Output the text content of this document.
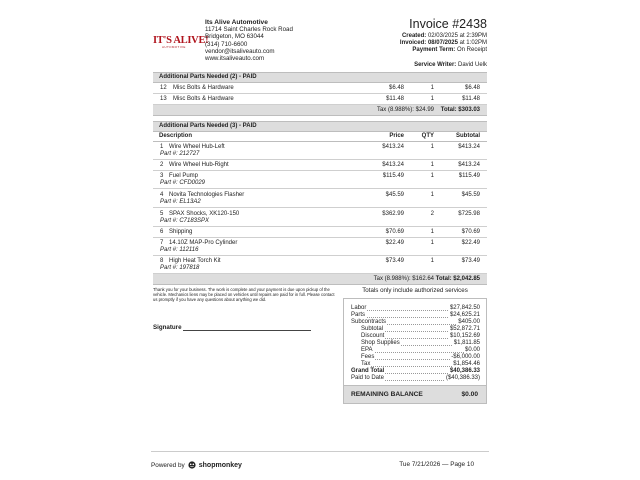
IT'S ALIVE!
AUTOMOTIVE
Its Alive Automotive
11714 Saint Charles Rock Road
Bridgeton, MO 63044
(314) 710-6600
vendor@itsaliveauto.com
www.itsaliveauto.com
Invoice #2438
Created: 02/03/2025 at 2:39PM
Invoiced: 08/07/2025 at 1:02PM
Payment Term: On Receipt
Service Writer: David Uelk
Additional Parts Needed (2) - PAID
12 Misc Bolts & Hardware	$6.48	1	$6.48
13 Misc Bolts & Hardware	$11.48	1	$11.48
Tax (8.988%): $24.99 Total: $303.03
Additional Parts Needed (3) - PAID
Description	Price	QTY	Subtotal
1 Wire Wheel Hub-Left
Part #: 212727
$413.24	1	$413.24
2 Wire Wheel Hub-Right	$413.24	1	$413.24
3 Fuel Pump
Part #: CFD0029
$115.49	1	$115.49
4 Novita Technologies Flasher
Part #: EL13A2
$45.59	1	$45.59
5 SPAX Shocks, XK120-150
Part #: C7183SPX
$362.99	2	$725.98
6 Shipping	$70.69	1	$70.69
7 14.10Z MAP-Pro Cylinder
Part #: 112116
$22.49	1	$22.49
8 High Heat Torch Kit
Part #: 197818
$73.49	1	$73.49
Tax (8.988%): $162.64 Total: $2,042.85
Thank you for your business. The work is complete and your payment is due upon pickup of the vehicle. Mechanics liens may be placed on vehicles until repairs are paid for in full. Please contact us promptly if you have any questions about anything we did.
Signature
Totals only include authorized services
Labor	$27,842.50
Parts	$24,625.21
Subcontracts	$405.00
Subtotal	$52,872.71
Discount	$10,152.69
Shop Supplies	$1,811.85
EPA	$0.00
Fees	-$6,000.00
Tax	$1,854.46
Grand Total	$40,386.33
Paid to Date	($40,386.33)
REMAINING BALANCE	$0.00
Powered by shopmonkey	Tue 7/21/2026 — Page 10
